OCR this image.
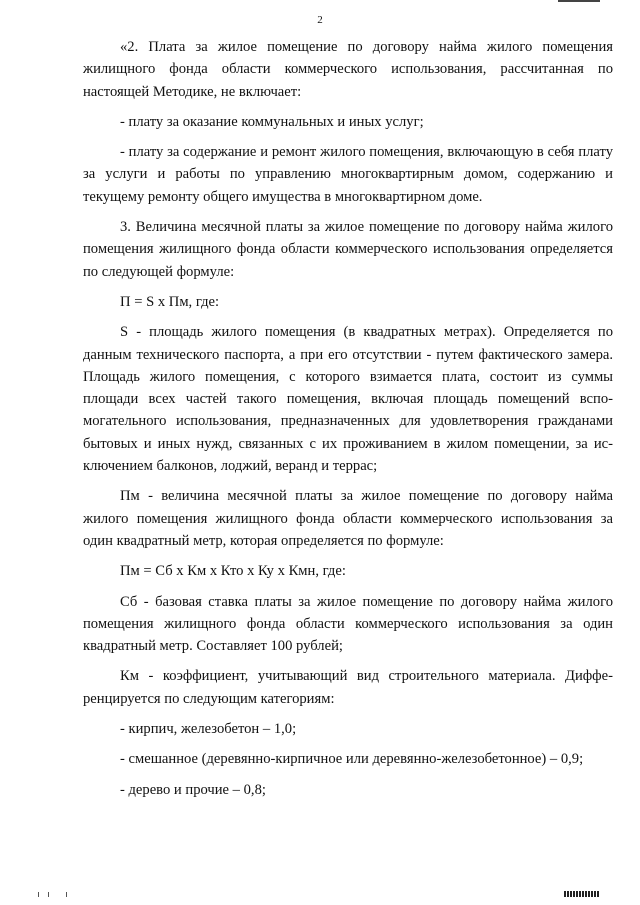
2

«2. Плата за жилое помещение по договору найма жилого помещения жилищного фонда области коммерческого использования, рассчитанная по настоящей Методике, не включает:

- плату за оказание коммунальных и иных услуг;

- плату за содержание и ремонт жилого помещения, включающую в себя плату за услуги и работы по управлению многоквартирным домом, содержанию и текущему ремонту общего имущества в многоквартирном доме.

3. Величина месячной платы за жилое помещение по договору найма жилого помещения жилищного фонда области коммерческого использования определяется по следующей формуле:

П = S х Пм, где:

S - площадь жилого помещения (в квадратных метрах). Определяется по данным технического паспорта, а при его отсутствии - путем фактического замера. Площадь жилого помещения, с которого взимается плата, состоит из суммы площади всех частей такого помещения, включая площадь помещений вспомогательного использования, предназначенных для удовлетворения гражданами бытовых и иных нужд, связанных с их проживанием в жилом помещении, за исключением балконов, лоджий, веранд и террас;

Пм - величина месячной платы за жилое помещение по договору найма жилого помещения жилищного фонда области коммерческого использования за один квадратный метр, которая определяется по формуле:

Пм = Сб х Км х Кто х Ку х Кмн, где:

Сб - базовая ставка платы за жилое помещение по договору найма жилого помещения жилищного фонда области коммерческого использования за один квадратный метр. Составляет 100 рублей;

Км - коэффициент, учитывающий вид строительного материала. Дифференцируется по следующим категориям:

- кирпич, железобетон – 1,0;

- смешанное (деревянно-кирпичное или деревянно-железобетонное) – 0,9;

- дерево и прочие – 0,8;
